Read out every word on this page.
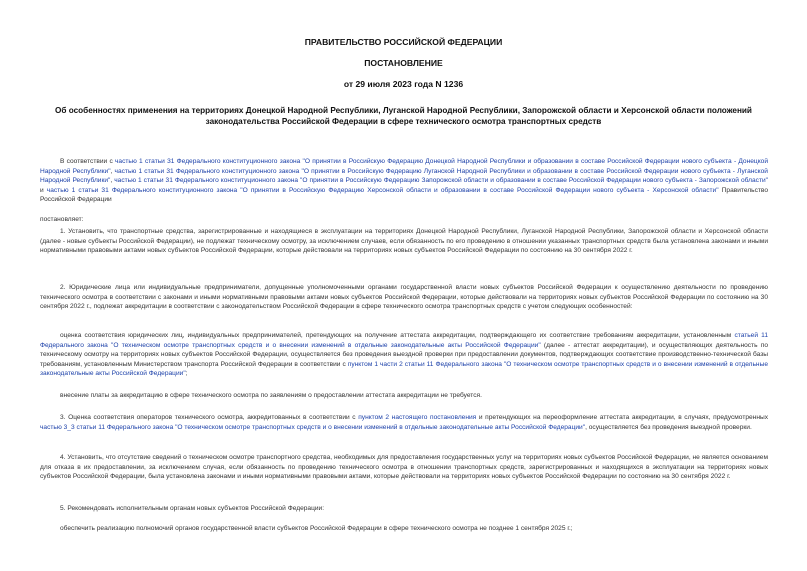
ПРАВИТЕЛЬСТВО РОССИЙСКОЙ ФЕДЕРАЦИИ
ПОСТАНОВЛЕНИЕ
от 29 июля 2023 года N 1236
Об особенностях применения на территориях Донецкой Народной Республики, Луганской Народной Республики, Запорожской области и Херсонской области положений законодательства Российской Федерации в сфере технического осмотра транспортных средств
В соответствии с частью 1 статьи 31 Федерального конституционного закона "О принятии в Российскую Федерацию Донецкой Народной Республики и образовании в составе Российской Федерации нового субъекта - Донецкой Народной Республики", частью 1 статьи 31 Федерального конституционного закона "О принятии в Российскую Федерацию Луганской Народной Республики и образовании в составе Российской Федерации нового субъекта - Луганской Народной Республики", частью 1 статьи 31 Федерального конституционного закона "О принятии в Российскую Федерацию Запорожской области и образовании в составе Российской Федерации нового субъекта - Запорожской области" и частью 1 статьи 31 Федерального конституционного закона "О принятии в Российскую Федерацию Херсонской области и образовании в составе Российской Федерации нового субъекта - Херсонской области" Правительство Российской Федерации
постановляет:
1. Установить, что транспортные средства, зарегистрированные и находящиеся в эксплуатации на территориях Донецкой Народной Республики, Луганской Народной Республики, Запорожской области и Херсонской области (далее - новые субъекты Российской Федерации), не подлежат техническому осмотру, за исключением случаев, если обязанность по его проведению в отношении указанных транспортных средств была установлена законами и иными нормативными правовыми актами новых субъектов Российской Федерации, которые действовали на территориях новых субъектов Российской Федерации по состоянию на 30 сентября 2022 г.
2. Юридические лица или индивидуальные предприниматели, допущенные уполномоченными органами государственной власти новых субъектов Российской Федерации к осуществлению деятельности по проведению технического осмотра в соответствии с законами и иными нормативными правовыми актами новых субъектов Российской Федерации, которые действовали на территориях новых субъектов Российской Федерации по состоянию на 30 сентября 2022 г., подлежат аккредитации в соответствии с законодательством Российской Федерации в сфере технического осмотра транспортных средств с учетом следующих особенностей:
оценка соответствия юридических лиц, индивидуальных предпринимателей, претендующих на получение аттестата аккредитации, подтверждающего их соответствие требованиям аккредитации, установленным статьей 11 Федерального закона "О техническом осмотре транспортных средств и о внесении изменений в отдельные законодательные акты Российской Федерации" (далее - аттестат аккредитации), и осуществляющих деятельность по техническому осмотру на территориях новых субъектов Российской Федерации, осуществляется без проведения выездной проверки при предоставлении документов, подтверждающих соответствие производственно-технической базы требованиям, установленным Министерством транспорта Российской Федерации в соответствии с пунктом 1 части 2 статьи 11 Федерального закона "О техническом осмотре транспортных средств и о внесении изменений в отдельные законодательные акты Российской Федерации";
внесение платы за аккредитацию в сфере технического осмотра по заявлениям о предоставлении аттестата аккредитации не требуется.
3. Оценка соответствия операторов технического осмотра, аккредитованных в соответствии с пунктом 2 настоящего постановления и претендующих на переоформление аттестата аккредитации, в случаях, предусмотренных частью 3_3 статьи 11 Федерального закона "О техническом осмотре транспортных средств и о внесении изменений в отдельные законодательные акты Российской Федерации", осуществляется без проведения выездной проверки.
4. Установить, что отсутствие сведений о техническом осмотре транспортного средства, необходимых для предоставления государственных услуг на территориях новых субъектов Российской Федерации, не является основанием для отказа в их предоставлении, за исключением случая, если обязанность по проведению технического осмотра в отношении транспортных средств, зарегистрированных и находящихся в эксплуатации на территориях новых субъектов Российской Федерации, была установлена законами и иными нормативными правовыми актами, которые действовали на территориях новых субъектов Российской Федерации по состоянию на 30 сентября 2022 г.
5. Рекомендовать исполнительным органам новых субъектов Российской Федерации:
обеспечить реализацию полномочий органов государственной власти субъектов Российской Федерации в сфере технического осмотра не позднее 1 сентября 2025 г.;
